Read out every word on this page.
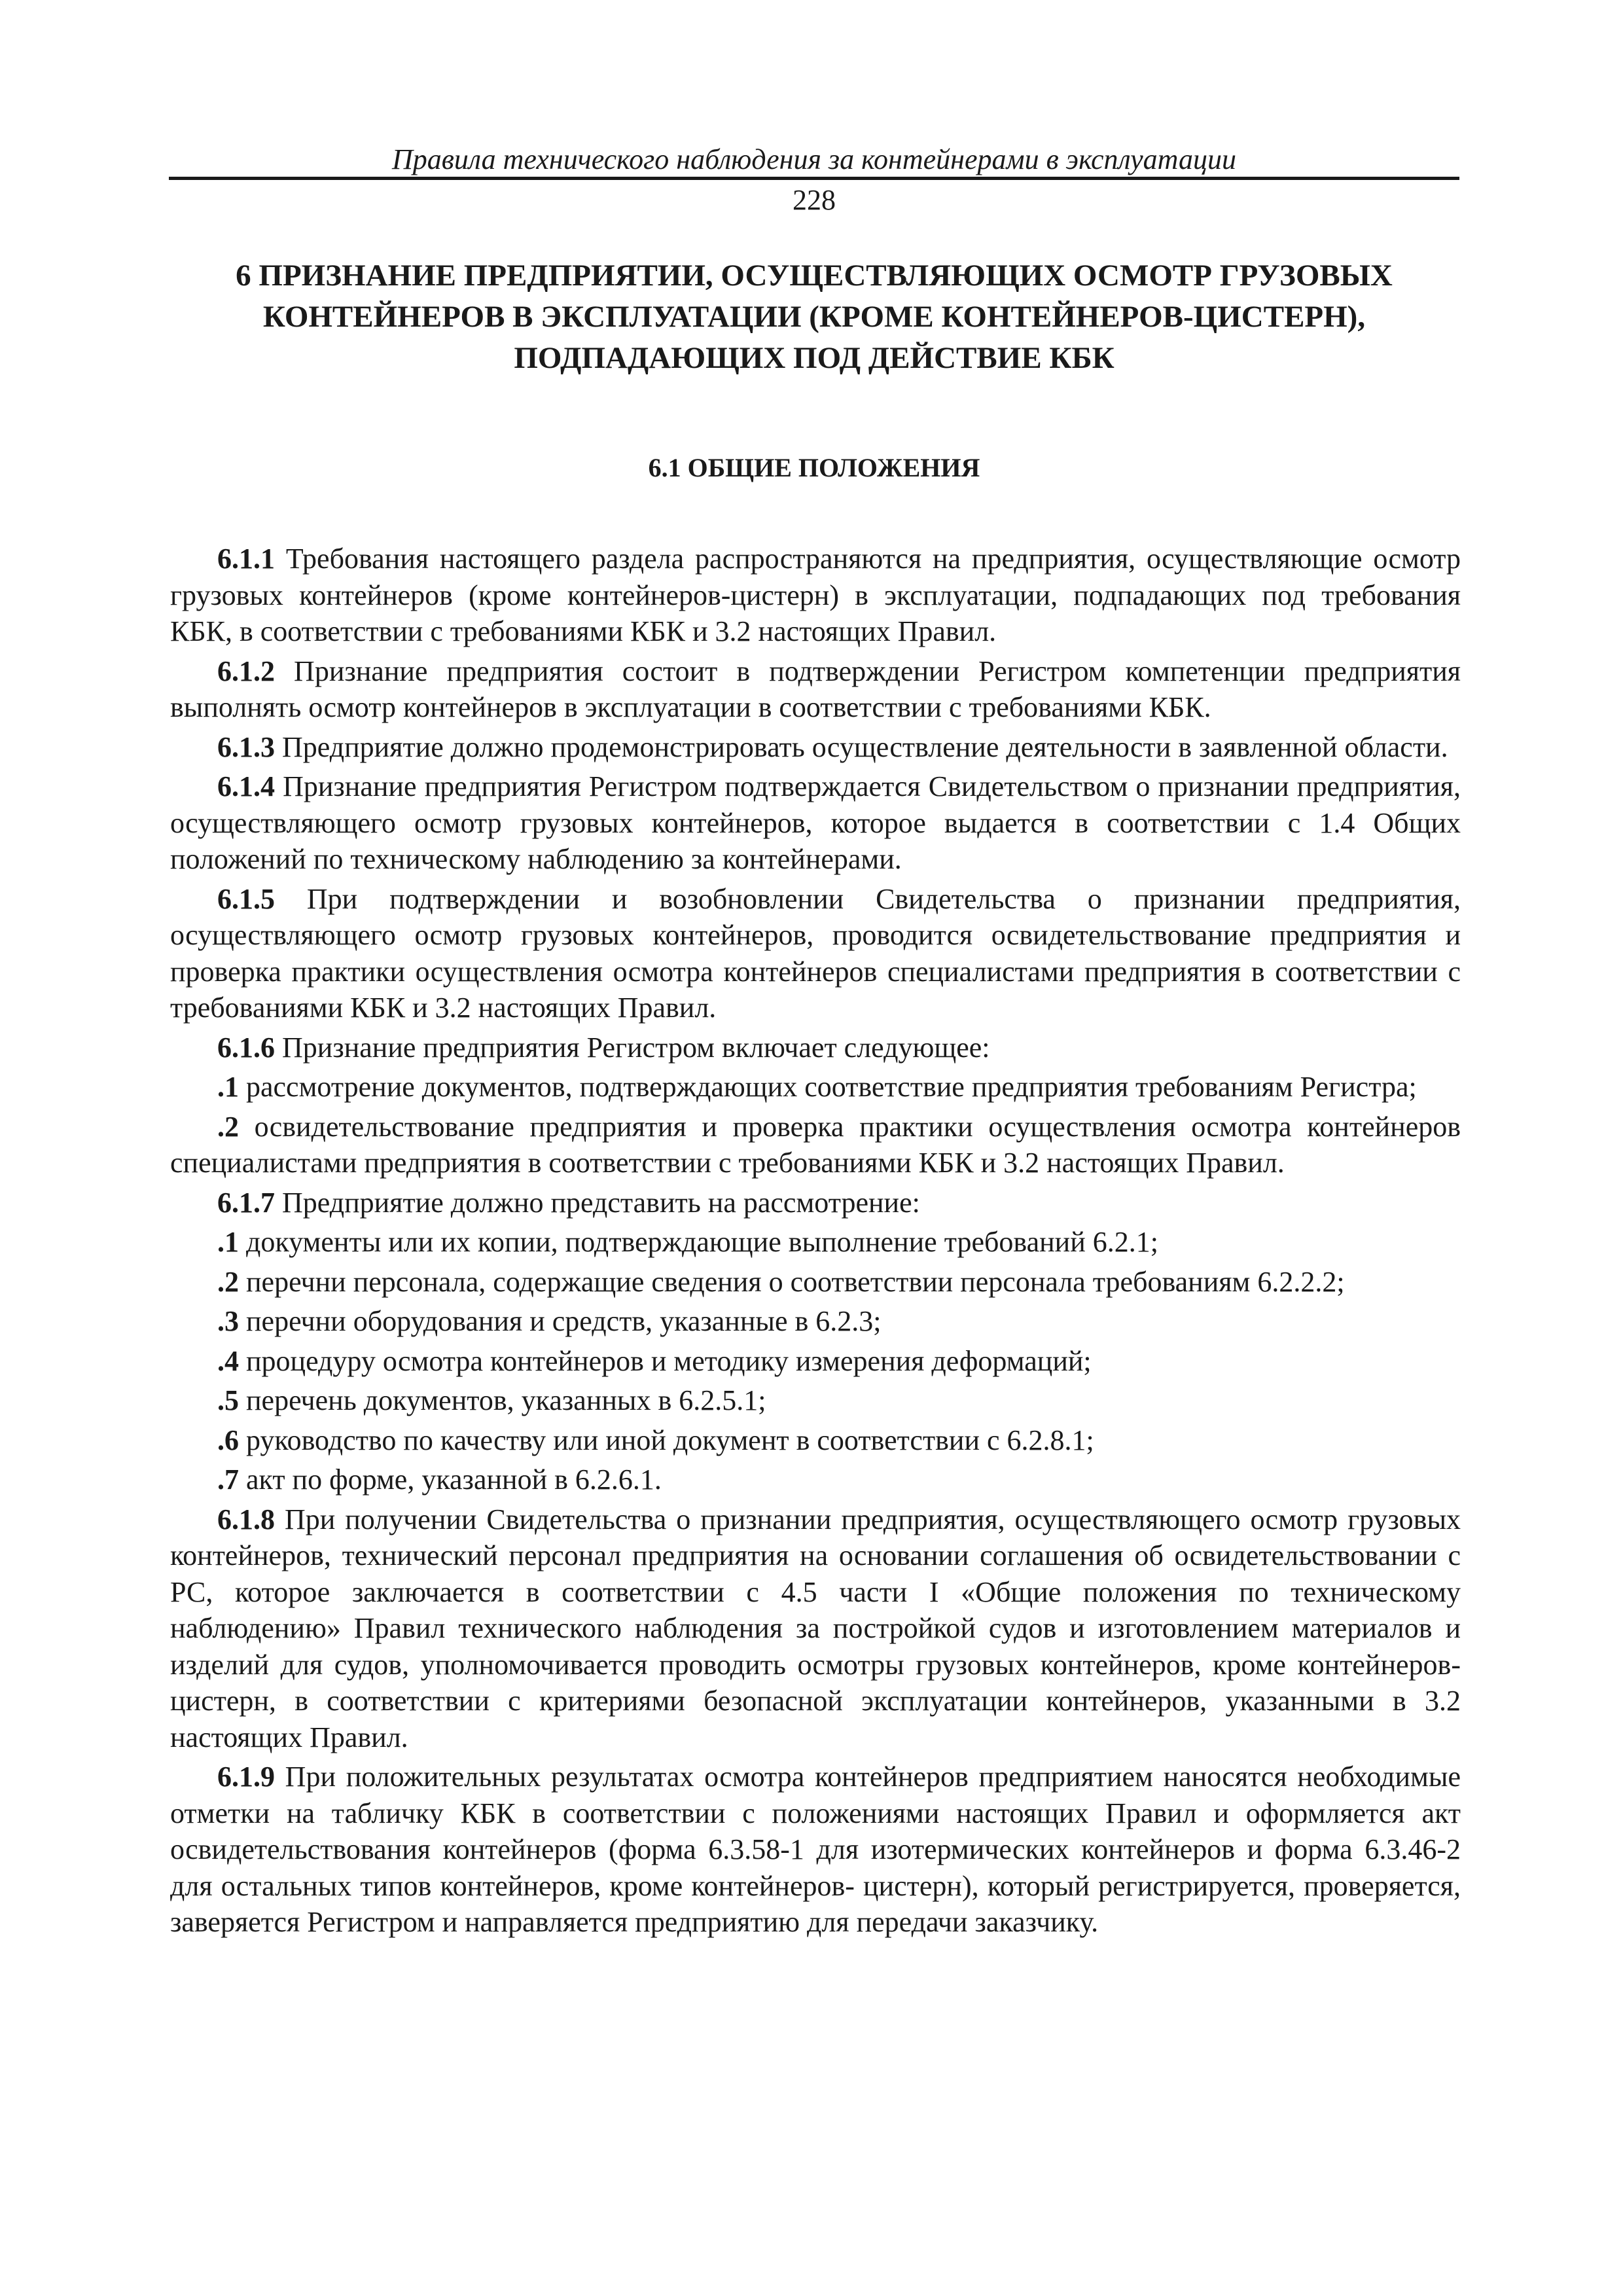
Правила технического наблюдения за контейнерами в эксплуатации
228
6 ПРИЗНАНИЕ ПРЕДПРИЯТИИ, ОСУЩЕСТВЛЯЮЩИХ ОСМОТР ГРУЗОВЫХ КОНТЕЙНЕРОВ В ЭКСПЛУАТАЦИИ (КРОМЕ КОНТЕЙНЕРОВ-ЦИСТЕРН), ПОДПАДАЮЩИХ ПОД ДЕЙСТВИЕ КБК
6.1 ОБЩИЕ ПОЛОЖЕНИЯ

6.1.1 Требования настоящего раздела распространяются на предприятия, осуществляющие осмотр грузовых контейнеров (кроме контейнеров-цистерн) в эксплуатации, подпадающих под требования КБК, в соответствии с требованиями КБК и 3.2 настоящих Правил.

6.1.2 Признание предприятия состоит в подтверждении Регистром компетенции предприятия выполнять осмотр контейнеров в эксплуатации в соответствии с требованиями КБК.

6.1.3 Предприятие должно продемонстрировать осуществление деятельности в заявленной области.

6.1.4 Признание предприятия Регистром подтверждается Свидетельством о признании предприятия, осуществляющего осмотр грузовых контейнеров, которое выдается в соответствии с 1.4 Общих положений по техническому наблюдению за контейнерами.

6.1.5 При подтверждении и возобновлении Свидетельства о признании предприятия, осуществляющего осмотр грузовых контейнеров, проводится освидетельствование предприятия и проверка практики осуществления осмотра контейнеров специалистами предприятия в соответствии с требованиями КБК и 3.2 настоящих Правил.

6.1.6 Признание предприятия Регистром включает следующее:

.1 рассмотрение документов, подтверждающих соответствие предприятия требованиям Регистра;

.2 освидетельствование предприятия и проверка практики осуществления осмотра контейнеров специалистами предприятия в соответствии с требованиями КБК и 3.2 настоящих Правил.

6.1.7 Предприятие должно представить на рассмотрение:

.1 документы или их копии, подтверждающие выполнение требований 6.2.1;

.2 перечни персонала, содержащие сведения о соответствии персонала требованиям 6.2.2.2;

.3 перечни оборудования и средств, указанные в 6.2.3;

.4 процедуру осмотра контейнеров и методику измерения деформаций;

.5 перечень документов, указанных в 6.2.5.1;

.6 руководство по качеству или иной документ в соответствии с 6.2.8.1;

.7 акт по форме, указанной в 6.2.6.1.

6.1.8 При получении Свидетельства о признании предприятия, осуществляющего осмотр грузовых контейнеров, технический персонал предприятия на основании соглашения об освидетельствовании с РС, которое заключается в соответствии с 4.5 части I «Общие положения по техническому наблюдению» Правил технического наблюдения за постройкой судов и изготовлением материалов и изделий для судов, уполномочивается проводить осмотры грузовых контейнеров, кроме контейнеров-цистерн, в соответствии с критериями безопасной эксплуатации контейнеров, указанными в 3.2 настоящих Правил.

6.1.9 При положительных результатах осмотра контейнеров предприятием наносятся необходимые отметки на табличку КБК в соответствии с положениями настоящих Правил и оформляется акт освидетельствования контейнеров (форма 6.3.58-1 для изотермических контейнеров и форма 6.3.46-2 для остальных типов контейнеров, кроме контейнеров- цистерн), который регистрируется, проверяется, заверяется Регистром и направляется предприятию для передачи заказчику.
